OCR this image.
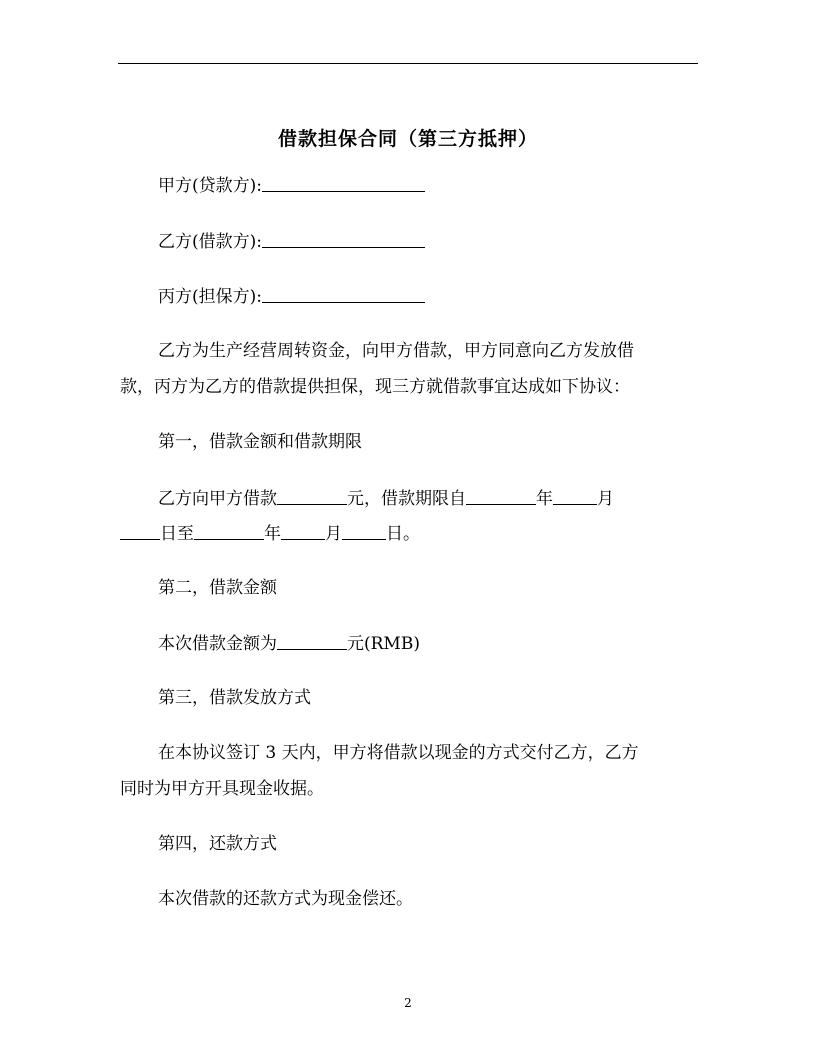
借款担保合同（第三方抵押）
甲方(贷款方):
乙方(借款方):
丙方(担保方):
乙方为生产经营周转资金，向甲方借款，甲方同意向乙方发放借
款，丙方为乙方的借款提供担保，现三方就借款事宜达成如下协议：
第一，借款金额和借款期限
乙方向甲方借款	元，借款期限自	年	月
日至	年	月	日。
第二，借款金额
本次借款金额为	元(RMB)
第三，借款发放方式
在本协议签订 3 天内，甲方将借款以现金的方式交付乙方，乙方
同时为甲方开具现金收据。
第四，还款方式
本次借款的还款方式为现金偿还。
2
